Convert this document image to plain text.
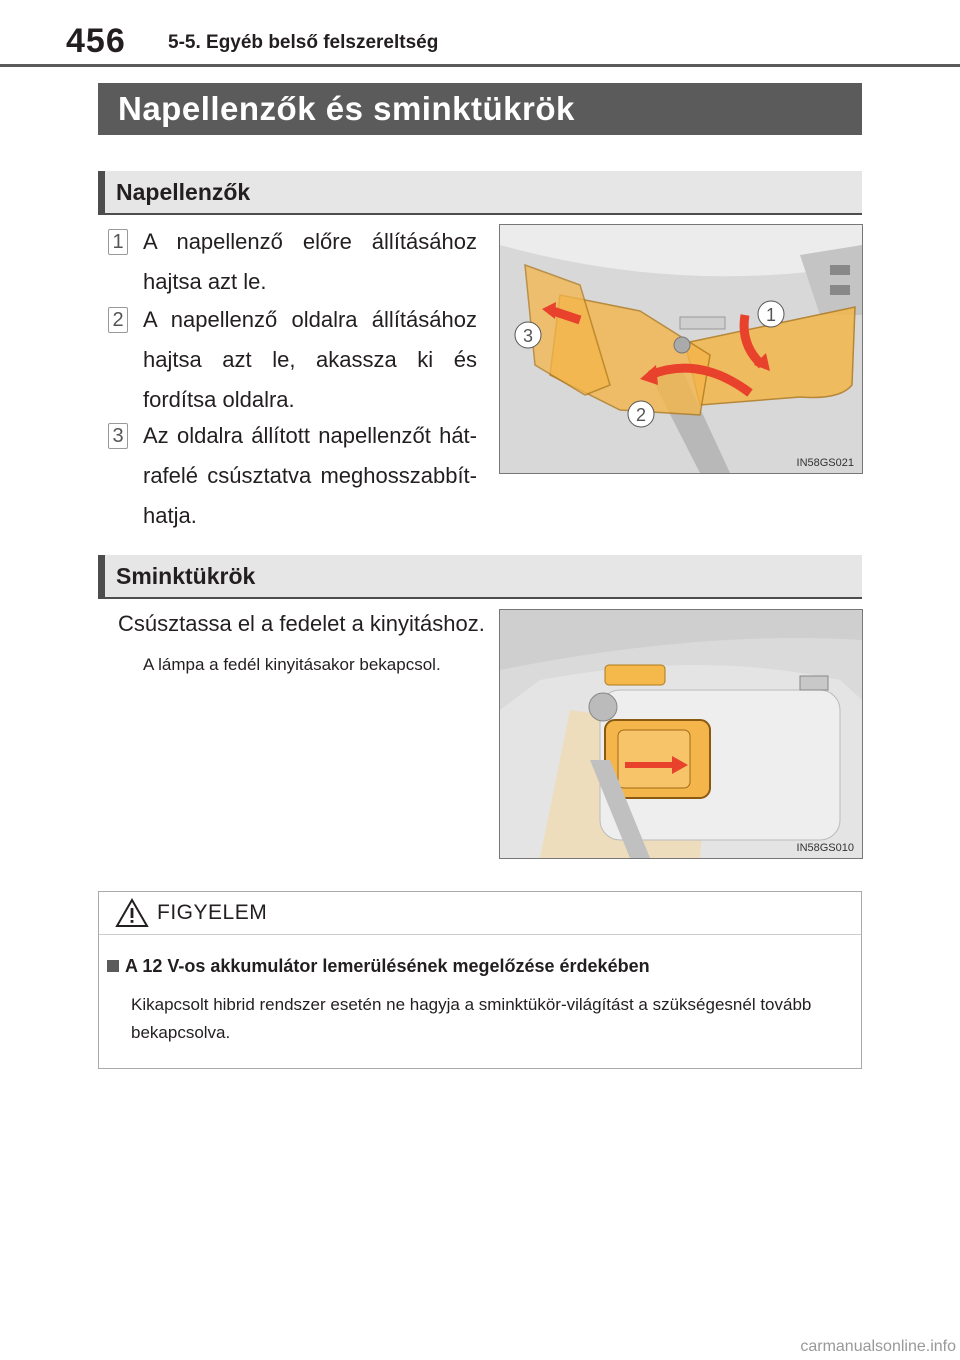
456 5-5. Egyéb belső felszereltség
Napellenzők és sminktükrök
Napellenzők
1 A napellenző előre állításához hajtsa azt le.
2 A napellenző oldalra állításához hajtsa azt le, akassza ki és fordítsa oldalra.
3 Az oldalra állított napellenzőt hátrafelé csúsztatva meghosszabbíthatja.
1
2
3
IN58GS021
Sminktükrök
Csúsztassa el a fedelet a kinyitáshoz.
A lámpa a fedél kinyitásakor bekapcsol.
IN58GS010
FIGYELEM
A 12 V-os akkumulátor lemerülésének megelőzése érdekében
Kikapcsolt hibrid rendszer esetén ne hagyja a sminktükör-világítást a szükségesnél tovább bekapcsolva.
carmanualsonline.info
